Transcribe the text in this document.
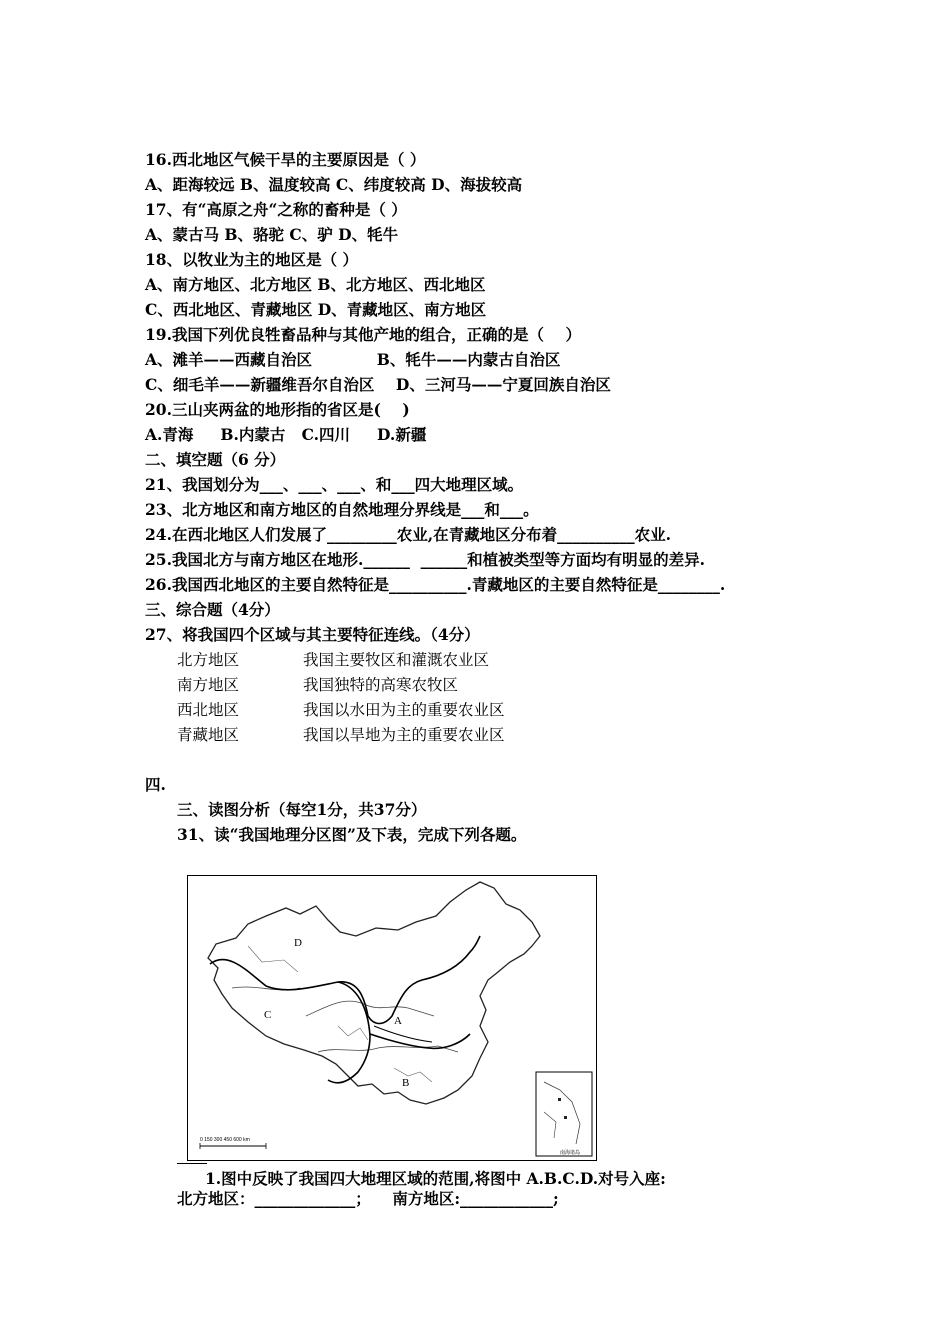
16.西北地区气候干旱的主要原因是（ ）
A、距海较远 B、温度较高 C、纬度较高 D、海拔较高
17、有“高原之舟“之称的畜种是（ ）
A、蒙古马 B、骆驼 C、驴 D、牦牛
18、以牧业为主的地区是（ ）
A、南方地区、北方地区 B、北方地区、西北地区
C、西北地区、青藏地区 D、青藏地区、南方地区
19.我国下列优良牲畜品种与其他产地的组合，正确的是（    ）
A、滩羊——西藏自治区            B、牦牛——内蒙古自治区
C、细毛羊——新疆维吾尔自治区    D、三河马——宁夏回族自治区
20.三山夹两盆的地形指的省区是(    )
A.青海     B.内蒙古   C.四川     D.新疆
二、填空题（6 分）
21、我国划分为___、___、___、和___四大地理区域。
23、北方地区和南方地区的自然地理分界线是___和___。
24.在西北地区人们发展了_________农业,在青藏地区分布着__________农业.
25.我国北方与南方地区在地形.______  ______和植被类型等方面均有明显的差异.
26.我国西北地区的主要自然特征是__________.青藏地区的主要自然特征是________.
三、综合题（4分）
27、将我国四个区域与其主要特征连线。（4分）
北方地区	我国主要牧区和灌溉农业区
南方地区	我国独特的高寒农牧区
西北地区	我国以水田为主的重要农业区
青藏地区	我国以旱地为主的重要农业区
四.
三、读图分析（每空1分，共37分）
31、读“我国地理分区图”及下表，完成下列各题。
D
C	A
B
0 150 300 450 600 km
南海诸岛
1.图中反映了我国四大地理区域的范围,将图中 A.B.C.D.对号入座:
北方地区：_____________；    南方地区:____________;
